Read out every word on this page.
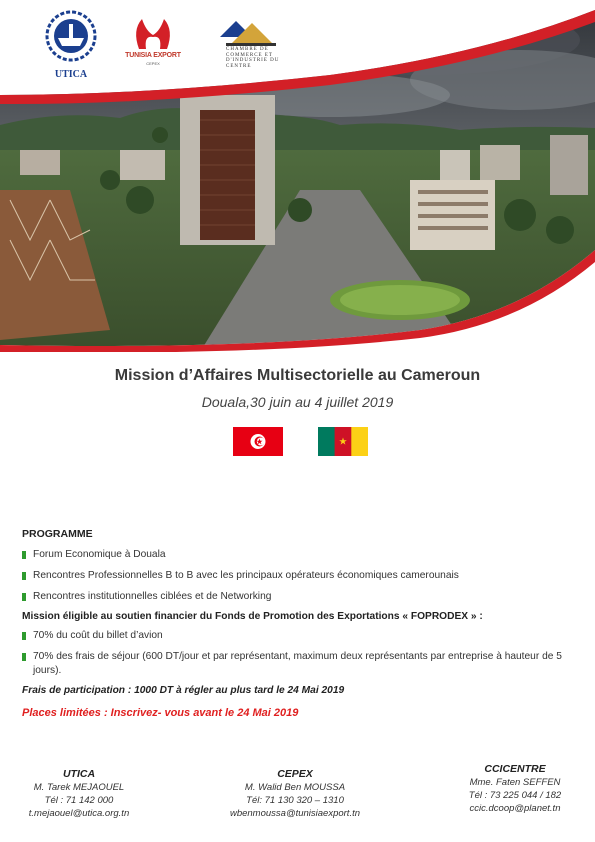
UTICA
TUNISIA EXPORT
CEPEX
CHAMBRE DE COMMERCE ET D'INDUSTRIE DU CENTRE
Mission d’Affaires Multisectorielle au Cameroun
Douala,30 juin au 4 juillet 2019
PROGRAMME
Forum Economique à Douala
Rencontres Professionnelles B to B avec les principaux opérateurs économiques camerounais
Rencontres institutionnelles ciblées et de Networking
Mission éligible au soutien financier du Fonds de Promotion des Exportations « FOPRODEX » :
70% du coût du billet d’avion
70% des frais de séjour (600 DT/jour et par représentant, maximum deux représentants par entreprise à hauteur de 5 jours).
Frais de participation : 1000 DT à régler au plus tard le 24 Mai 2019
Places limitées : Inscrivez- vous avant le 24 Mai 2019
UTICA
M. Tarek MEJAOUEL
Tél : 71 142 000
t.mejaouel@utica.org.tn
CEPEX
M. Walid Ben MOUSSA
Tél: 71 130 320 – 1310
wbenmoussa@tunisiaexport.tn
CCICENTRE
Mme. Faten SEFFEN
Tél : 73 225 044 / 182
ccic.dcoop@planet.tn
